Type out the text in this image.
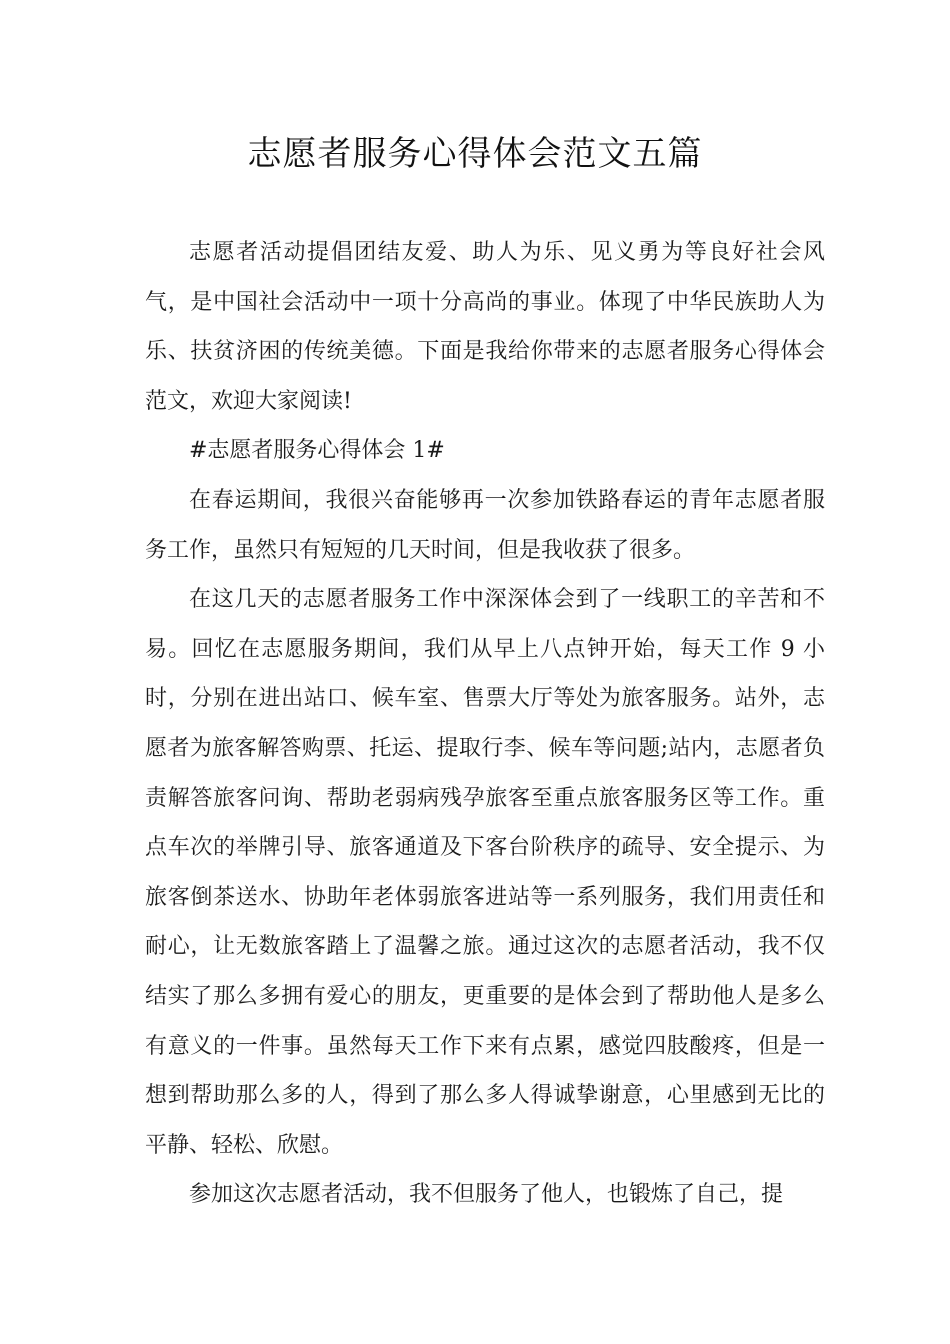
志愿者服务心得体会范文五篇

志愿者活动提倡团结友爱、助人为乐、见义勇为等良好社会风气，是中国社会活动中一项十分高尚的事业。体现了中华民族助人为乐、扶贫济困的传统美德。下面是我给你带来的志愿者服务心得体会范文，欢迎大家阅读!

#志愿者服务心得体会 1#

在春运期间，我很兴奋能够再一次参加铁路春运的青年志愿者服务工作，虽然只有短短的几天时间，但是我收获了很多。

在这几天的志愿者服务工作中深深体会到了一线职工的辛苦和不易。回忆在志愿服务期间，我们从早上八点钟开始，每天工作 9 小时，分别在进出站口、候车室、售票大厅等处为旅客服务。站外，志愿者为旅客解答购票、托运、提取行李、候车等问题;站内，志愿者负责解答旅客问询、帮助老弱病残孕旅客至重点旅客服务区等工作。重点车次的举牌引导、旅客通道及下客台阶秩序的疏导、安全提示、为旅客倒茶送水、协助年老体弱旅客进站等一系列服务，我们用责任和耐心，让无数旅客踏上了温馨之旅。通过这次的志愿者活动，我不仅结实了那么多拥有爱心的朋友，更重要的是体会到了帮助他人是多么有意义的一件事。虽然每天工作下来有点累，感觉四肢酸疼，但是一想到帮助那么多的人，得到了那么多人得诚挚谢意，心里感到无比的平静、轻松、欣慰。

参加这次志愿者活动，我不但服务了他人，也锻炼了自己，提
